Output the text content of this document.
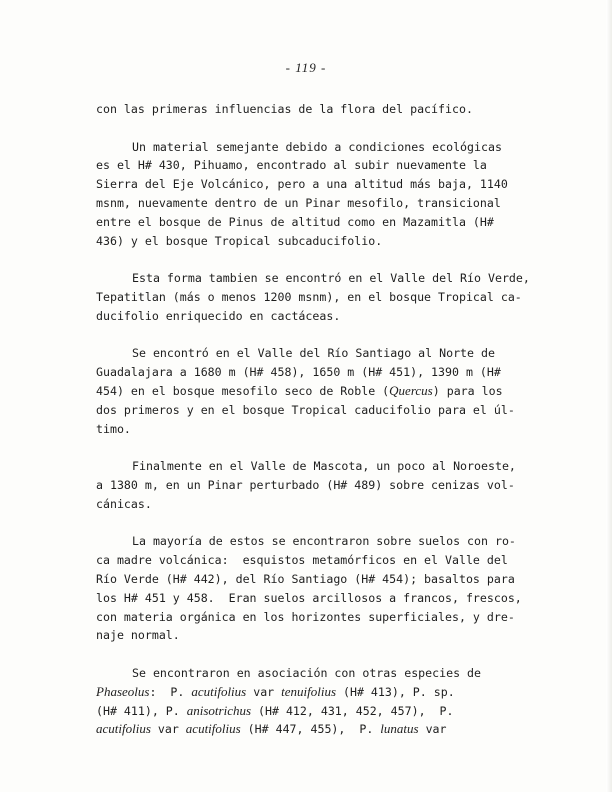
- 119 -
con las primeras influencias de la flora del pacífico.
Un material semejante debido a condiciones ecológicas
es el H# 430, Pihuamo, encontrado al subir nuevamente la
Sierra del Eje Volcánico, pero a una altitud más baja, 1140
msnm, nuevamente dentro de un Pinar mesofilo, transicional
entre el bosque de Pinus de altitud como en Mazamitla (H#
436) y el bosque Tropical subcaducifolio.
Esta forma tambien se encontró en el Valle del Río Verde,
Tepatitlan (más o menos 1200 msnm), en el bosque Tropical ca-
ducifolio enriquecido en cactáceas.
Se encontró en el Valle del Río Santiago al Norte de
Guadalajara a 1680 m (H# 458), 1650 m (H# 451), 1390 m (H#
454) en el bosque mesofilo seco de Roble (Quercus) para los
dos primeros y en el bosque Tropical caducifolio para el úl-
timo.
Finalmente en el Valle de Mascota, un poco al Noroeste,
a 1380 m, en un Pinar perturbado (H# 489) sobre cenizas vol-
cánicas.
La mayoría de estos se encontraron sobre suelos con ro-
ca madre volcánica:  esquistos metamórficos en el Valle del
Río Verde (H# 442), del Río Santiago (H# 454); basaltos para
los H# 451 y 458.  Eran suelos arcillosos a francos, frescos,
con materia orgánica en los horizontes superficiales, y dre-
naje normal.
Se encontraron en asociación con otras especies de
Phaseolus:  P. acutifolius var tenuifolius (H# 413), P. sp.
(H# 411), P. anisotrichus (H# 412, 431, 452, 457),  P.
acutifolius var acutifolius (H# 447, 455),  P. lunatus var
